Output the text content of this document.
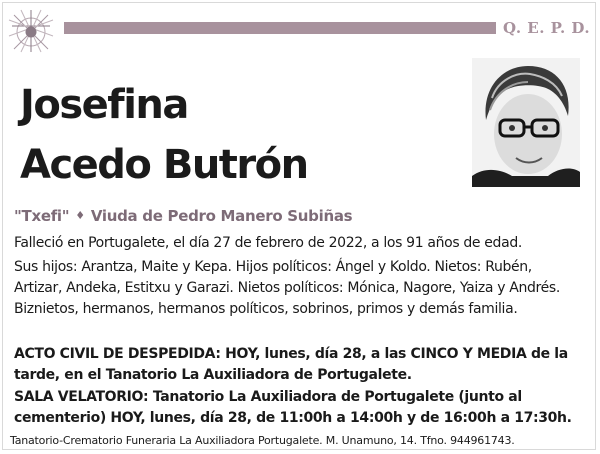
Q. E. P. D.
Josefina
Acedo Butrón
"Txefi" ♦ Viuda de Pedro Manero Subiñas
Falleció en Portugalete, el día 27 de febrero de 2022, a los 91 años de edad.
Sus hijos: Arantza, Maite y Kepa. Hijos políticos: Ángel y Koldo. Nietos: Rubén, Artizar, Andeka, Estitxu y Garazi. Nietos políticos: Mónica, Nagore, Yaiza y Andrés. Biznietos, hermanos, hermanos políticos, sobrinos, primos y demás familia.
ACTO CIVIL DE DESPEDIDA: HOY, lunes, día 28, a las CINCO Y MEDIA de la tarde, en el Tanatorio La Auxiliadora de Portugalete.
SALA VELATORIO: Tanatorio La Auxiliadora de Portugalete (junto al cementerio) HOY, lunes, día 28, de 11:00h a 14:00h y de 16:00h a 17:30h.
Tanatorio-Crematorio Funeraria La Auxiliadora Portugalete. M. Unamuno, 14. Tfno. 944961743.
